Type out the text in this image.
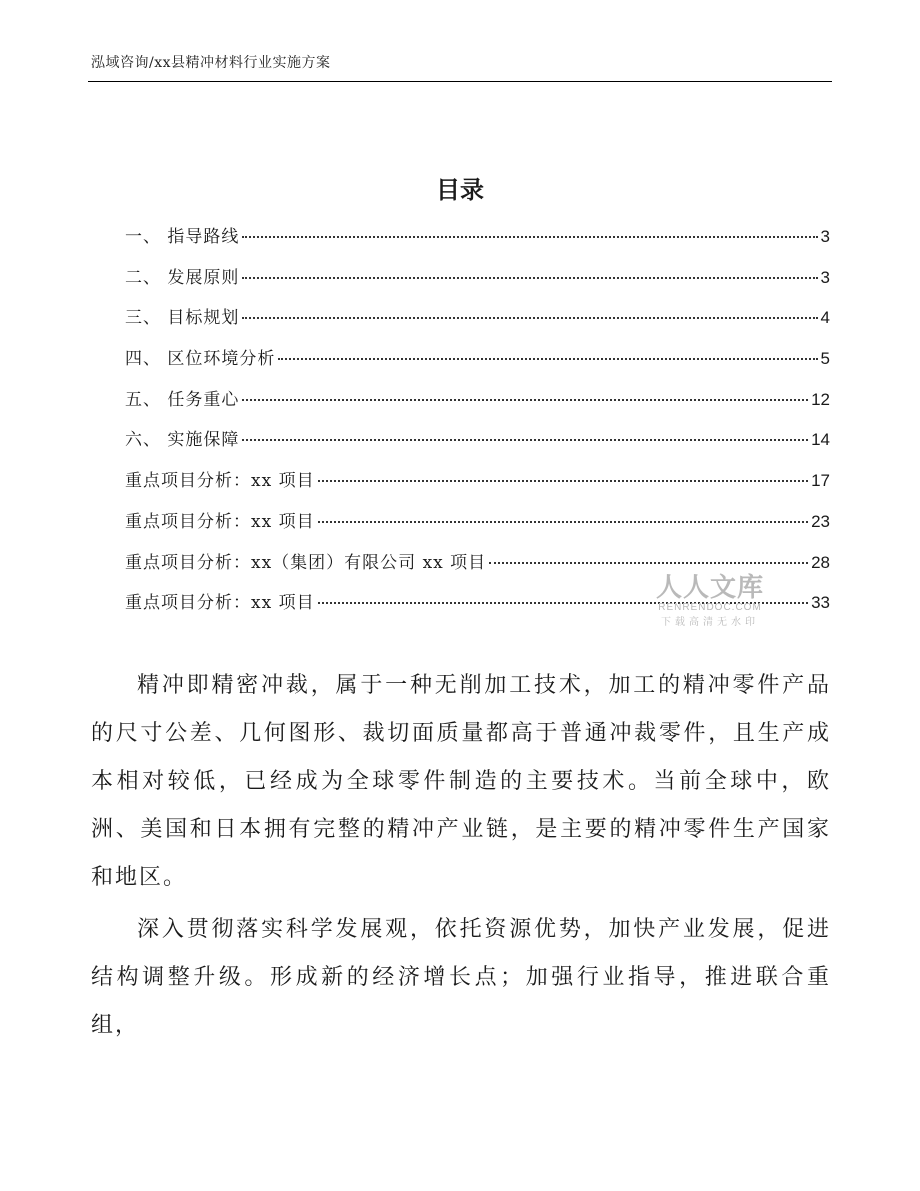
泓域咨询/xx县精冲材料行业实施方案
目录
一、 指导路线	3
二、 发展原则	3
三、 目标规划	4
四、 区位环境分析	5
五、 任务重心	12
六、 实施保障	14
重点项目分析：xx 项目	17
重点项目分析：xx 项目	23
重点项目分析：xx（集团）有限公司 xx 项目	28
重点项目分析：xx 项目	33
人人文库
RENRENDOC.COM
下载高清无水印

精冲即精密冲裁，属于一种无削加工技术，加工的精冲零件产品的尺寸公差、几何图形、裁切面质量都高于普通冲裁零件，且生产成本相对较低，已经成为全球零件制造的主要技术。当前全球中，欧洲、美国和日本拥有完整的精冲产业链，是主要的精冲零件生产国家和地区。

深入贯彻落实科学发展观，依托资源优势，加快产业发展，促进结构调整升级。形成新的经济增长点；加强行业指导，推进联合重组，
